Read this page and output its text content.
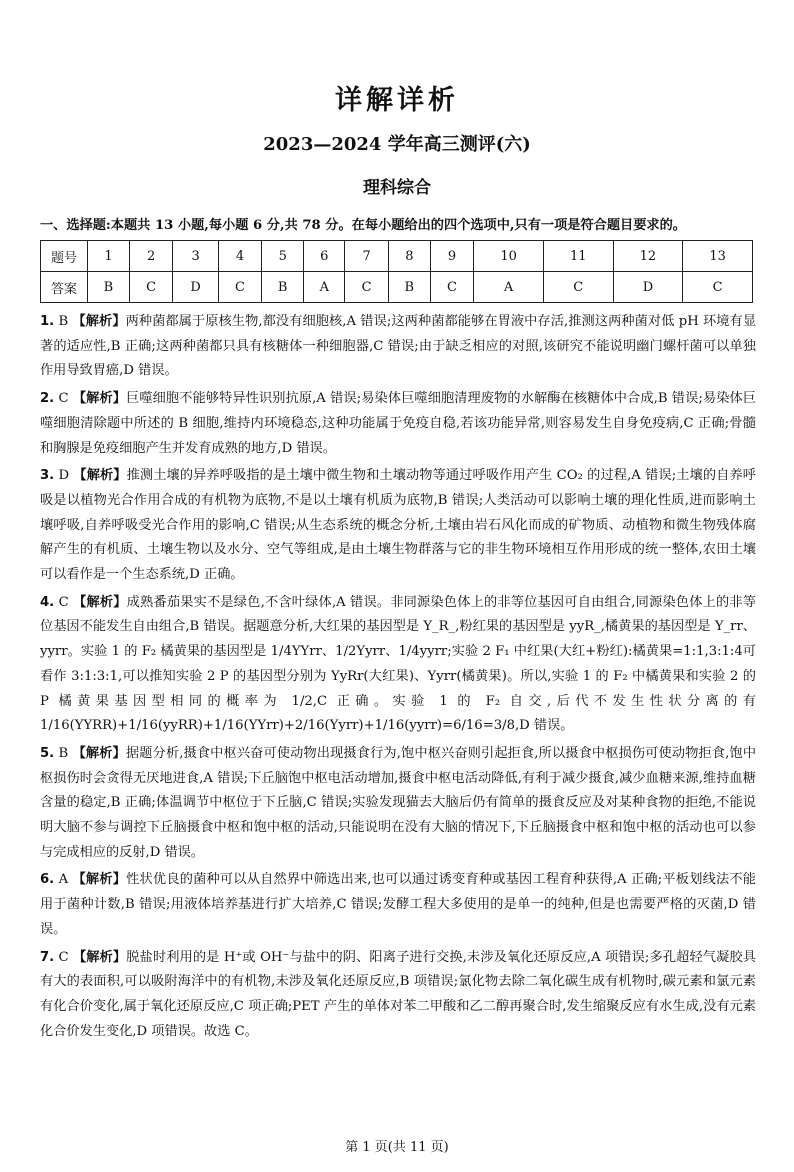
详解详析
2023—2024 学年高三测评(六)
理科综合
一、选择题:本题共 13 小题,每小题 6 分,共 78 分。在每小题给出的四个选项中,只有一项是符合题目要求的。
题号	1	2	3	4	5	6	7	8	9	10	11	12	13
答案	B	C	D	C	B	A	C	B	C	A	C	D	C

1. B 【解析】两种菌都属于原核生物,都没有细胞核,A 错误;这两种菌都能够在胃液中存活,推测这两种菌对低 pH 环境有显著的适应性,B 正确;这两种菌都只具有核糖体一种细胞器,C 错误;由于缺乏相应的对照,该研究不能说明幽门螺杆菌可以单独作用导致胃癌,D 错误。

2. C 【解析】巨噬细胞不能够特异性识别抗原,A 错误;易染体巨噬细胞清理废物的水解酶在核糖体中合成,B 错误;易染体巨噬细胞清除题中所述的 B 细胞,维持内环境稳态,这种功能属于免疫自稳,若该功能异常,则容易发生自身免疫病,C 正确;骨髓和胸腺是免疫细胞产生并发育成熟的地方,D 错误。

3. D 【解析】推测土壤的异养呼吸指的是土壤中微生物和土壤动物等通过呼吸作用产生 CO₂ 的过程,A 错误;土壤的自养呼吸是以植物光合作用合成的有机物为底物,不是以土壤有机质为底物,B 错误;人类活动可以影响土壤的理化性质,进而影响土壤呼吸,自养呼吸受光合作用的影响,C 错误;从生态系统的概念分析,土壤由岩石风化而成的矿物质、动植物和微生物残体腐解产生的有机质、土壤生物以及水分、空气等组成,是由土壤生物群落与它的非生物环境相互作用形成的统一整体,农田土壤可以看作是一个生态系统,D 正确。

4. C 【解析】成熟番茄果实不是绿色,不含叶绿体,A 错误。非同源染色体上的非等位基因可自由组合,同源染色体上的非等位基因不能发生自由组合,B 错误。据题意分析,大红果的基因型是 Y_R_,粉红果的基因型是 yyR_,橘黄果的基因型是 Y_rr、yyrr。实验 1 的 F₂ 橘黄果的基因型是 1/4YYrr、1/2Yyrr、1/4yyrr;实验 2 F₁ 中红果(大红+粉红):橘黄果=1:1,3:1:4可看作 3:1:3:1,可以推知实验 2 P 的基因型分别为 YyRr(大红果)、Yyrr(橘黄果)。所以,实验 1 的 F₂ 中橘黄果和实验 2 的 P 橘黄果基因型相同的概率为 1/2,C 正确。实验 1 的 F₂ 自交,后代不发生性状分离的有 1/16(YYRR)+1/16(yyRR)+1/16(YYrr)+2/16(Yyrr)+1/16(yyrr)=6/16=3/8,D 错误。

5. B 【解析】据题分析,摄食中枢兴奋可使动物出现摄食行为,饱中枢兴奋则引起拒食,所以摄食中枢损伤可使动物拒食,饱中枢损伤时会贪得无厌地进食,A 错误;下丘脑饱中枢电活动增加,摄食中枢电活动降低,有利于减少摄食,减少血糖来源,维持血糖含量的稳定,B 正确;体温调节中枢位于下丘脑,C 错误;实验发现猫去大脑后仍有简单的摄食反应及对某种食物的拒绝,不能说明大脑不参与调控下丘脑摄食中枢和饱中枢的活动,只能说明在没有大脑的情况下,下丘脑摄食中枢和饱中枢的活动也可以参与完成相应的反射,D 错误。

6. A 【解析】性状优良的菌种可以从自然界中筛选出来,也可以通过诱变育种或基因工程育种获得,A 正确;平板划线法不能用于菌种计数,B 错误;用液体培养基进行扩大培养,C 错误;发酵工程大多使用的是单一的纯种,但是也需要严格的灭菌,D 错误。

7. C 【解析】脱盐时利用的是 H⁺或 OH⁻与盐中的阴、阳离子进行交换,未涉及氧化还原反应,A 项错误;多孔超轻气凝胶具有大的表面积,可以吸附海洋中的有机物,未涉及氧化还原反应,B 项错误;氯化物去除二氧化碳生成有机物时,碳元素和氯元素有化合价变化,属于氧化还原反应,C 项正确;PET 产生的单体对苯二甲酸和乙二醇再聚合时,发生缩聚反应有水生成,没有元素化合价发生变化,D 项错误。故选 C。

第 1 页(共 11 页)
